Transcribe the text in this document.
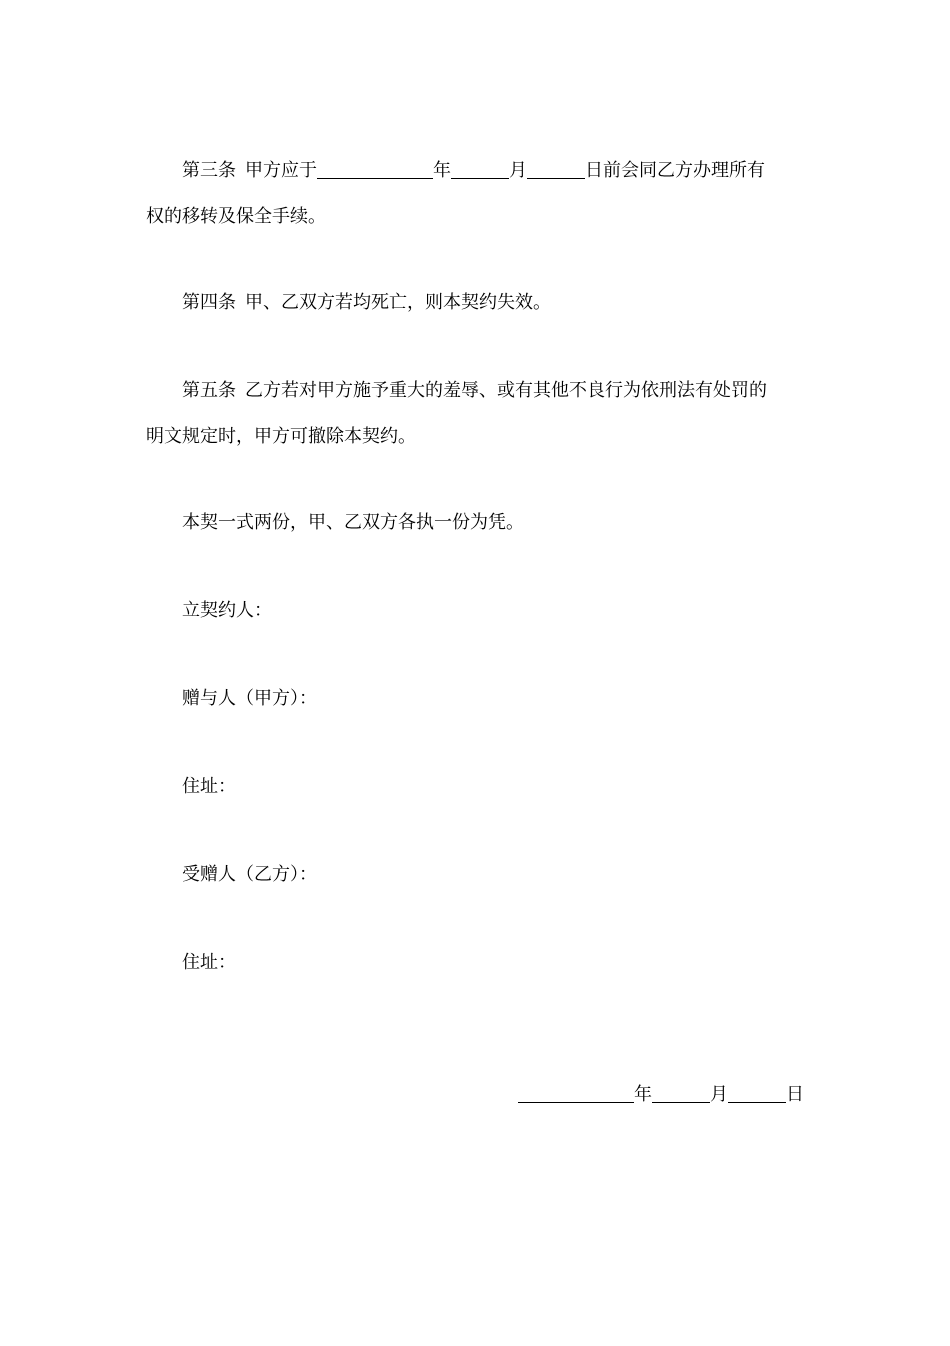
第三条 甲方应于	年	月	日前会同乙方办理所有
权的移转及保全手续。
第四条 甲、乙双方若均死亡，则本契约失效。
第五条 乙方若对甲方施予重大的羞辱、或有其他不良行为依刑法有处罚的
明文规定时，甲方可撤除本契约。
本契一式两份，甲、乙双方各执一份为凭。
立契约人：
赠与人（甲方）：
住址：
受赠人（乙方）：
住址：
年	月	日
